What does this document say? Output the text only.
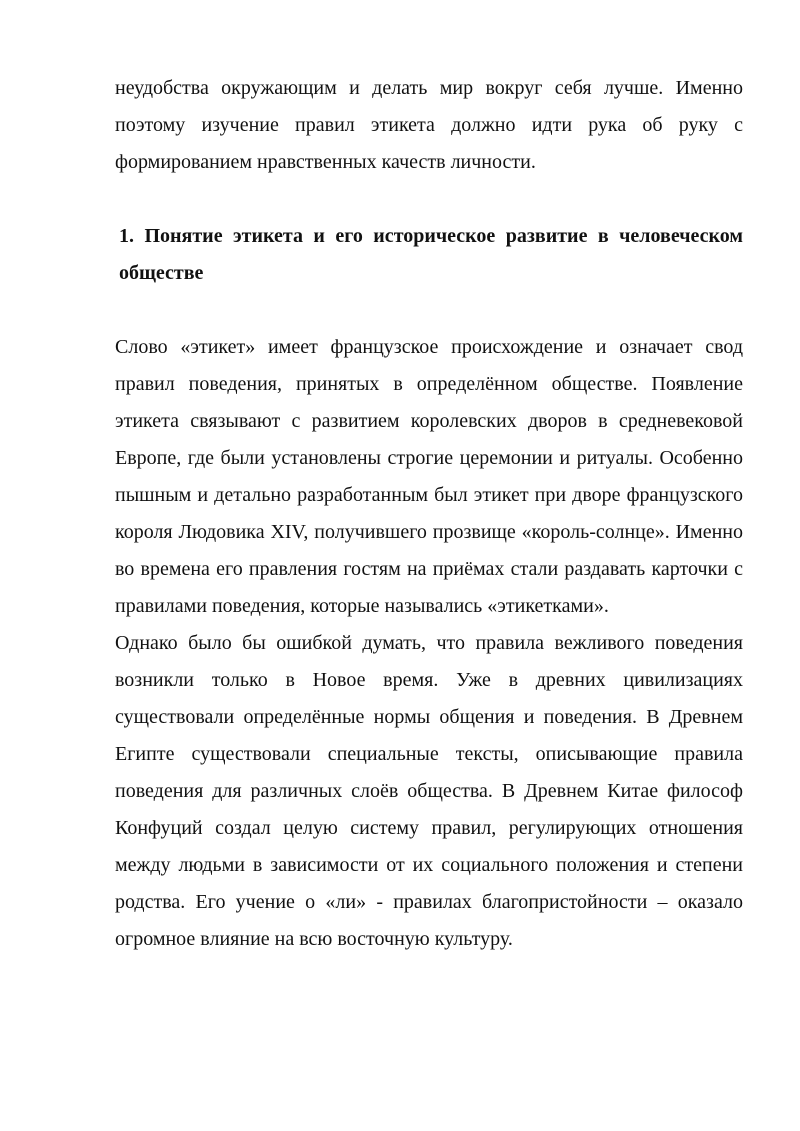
неудобства окружающим и делать мир вокруг себя лучше. Именно поэтому изучение правил этикета должно идти рука об руку с формированием нравственных качеств личности.

1. Понятие этикета и его историческое развитие в человеческом обществе

Слово «этикет» имеет французское происхождение и означает свод правил поведения, принятых в определённом обществе. Появление этикета связывают с развитием королевских дворов в средневековой Европе, где были установлены строгие церемонии и ритуалы. Особенно пышным и детально разработанным был этикет при дворе французского короля Людовика XIV, получившего прозвище «король-солнце». Именно во времена его правления гостям на приёмах стали раздавать карточки с правилами поведения, которые назывались «этикетками».

Однако было бы ошибкой думать, что правила вежливого поведения возникли только в Новое время. Уже в древних цивилизациях существовали определённые нормы общения и поведения. В Древнем Египте существовали специальные тексты, описывающие правила поведения для различных слоёв общества. В Древнем Китае философ Конфуций создал целую систему правил, регулирующих отношения между людьми в зависимости от их социального положения и степени родства. Его учение о «ли» - правилах благопристойности – оказало огромное влияние на всю восточную культуру.
